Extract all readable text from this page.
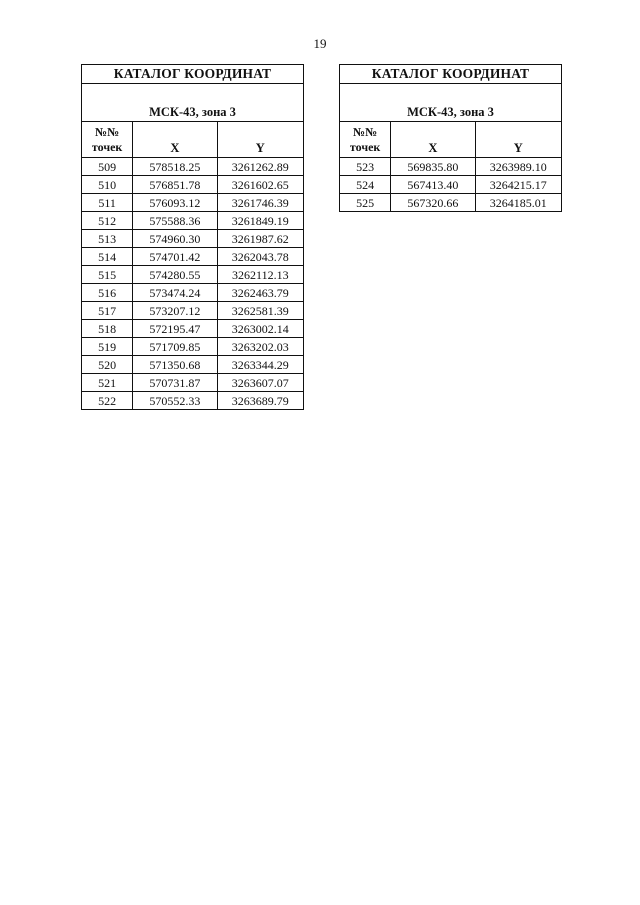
19
КАТАЛОГ КООРДИНАТ		
МСК-43, зона 3		

№№
точек	X	Y
509	578518.25	3261262.89
510	576851.78	3261602.65
511	576093.12	3261746.39
512	575588.36	3261849.19
513	574960.30	3261987.62
514	574701.42	3262043.78
515	574280.55	3262112.13
516	573474.24	3262463.79
517	573207.12	3262581.39
518	572195.47	3263002.14
519	571709.85	3263202.03
520	571350.68	3263344.29
521	570731.87	3263607.07
522	570552.33	3263689.79
КАТАЛОГ КООРДИНАТ		
МСК-43, зона 3		

№№
точек	X	Y
523	569835.80	3263989.10
524	567413.40	3264215.17
525	567320.66	3264185.01
